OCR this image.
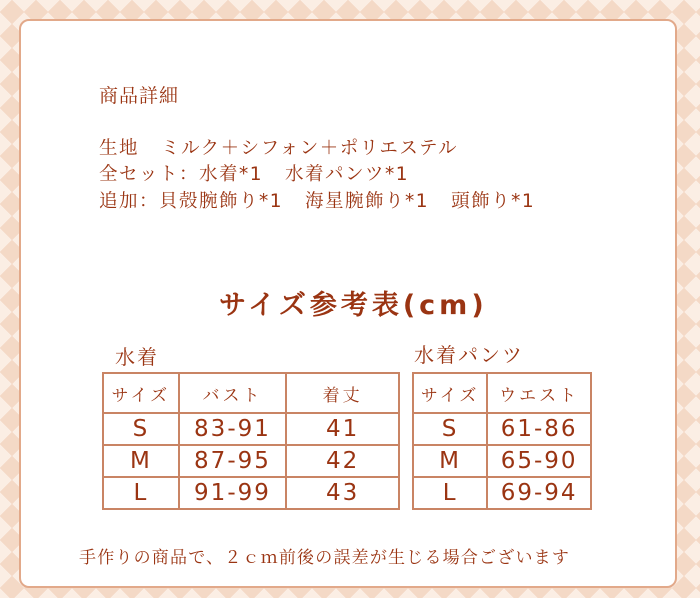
商品詳細
生地 ミルク＋シフォン＋ポリエステル
全セット：水着*1 水着パンツ*1
追加：貝殻腕飾り*1 海星腕飾り*1 頭飾り*1
サイズ参考表(cm)
水着	水着パンツ
サイズ	バスト	着丈
S	83-91	41
M	87-95	42
L	91-99	43
サイズ	ウエスト
S	61-86
M	65-90
L	69-94
手作りの商品で、２ｃｍ前後の誤差が生じる場合ございます
